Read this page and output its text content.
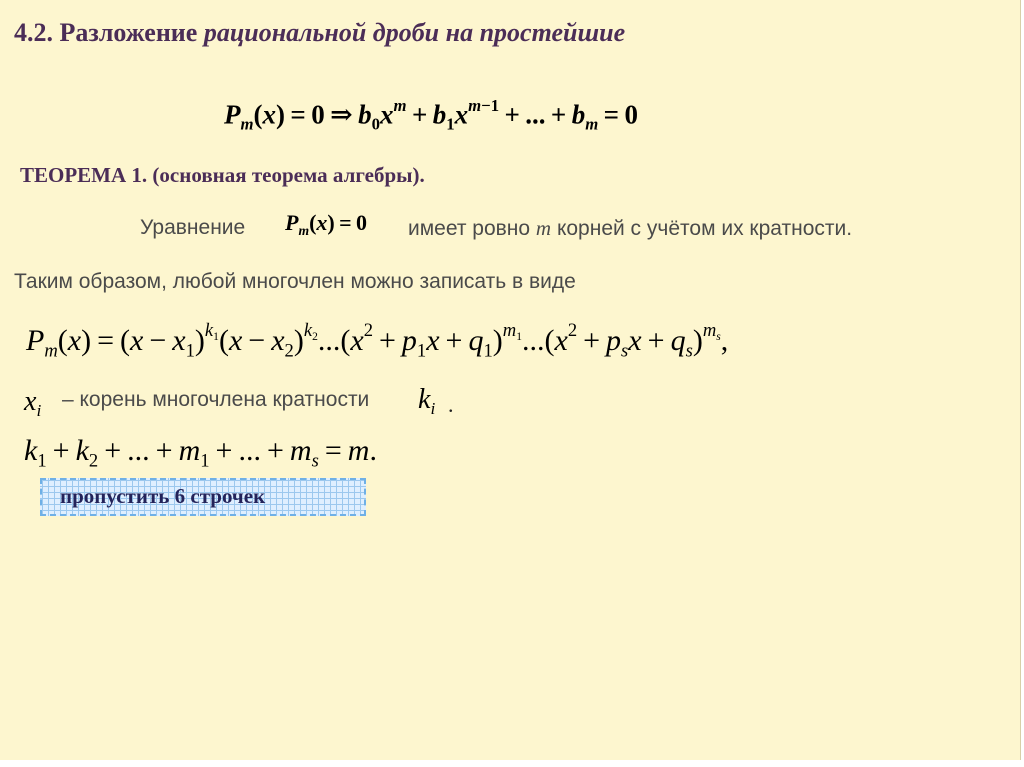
4.2. Разложение рациональной дроби на простейшие
$P_m(x) = 0$ ⇒ $b_0x^m + b_1x^{m-1}$ + ... + $b_m = 0$
ТЕОРЕМА 1. (основная теорема алгебры).
Уравнение $P_m(x) = 0$ имеет ровно m корней с учётом их кратности.
Таким образом, любой многочлен можно записать в виде
$P_m(x) = (x - x_1)^{k_1}(x - x_2)^{k_2}...(x^2 + p_1x + q_1)^{m_1}...(x^2 + p_sx + q_s)^{m_s}$,
$x_i$ – корень многочлена кратности $k_i$ .
$k_1 + k_2$ + ... + $m_1$ + ... + $m_s = m$.
пропустить 6 строчек
